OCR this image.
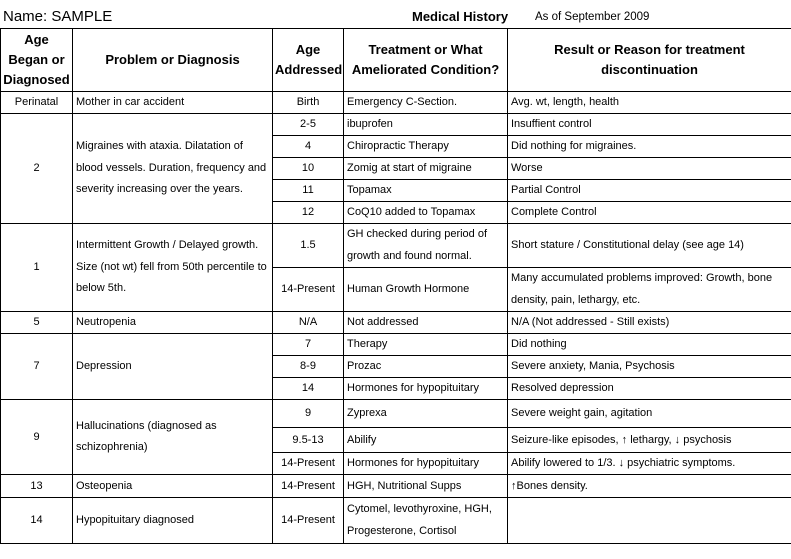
Name: SAMPLE	Medical History As of September 2009
Age Began or Diagnosed	Problem or Diagnosis	Age Addressed	Treatment or What Ameliorated Condition?	Result or Reason for treatment discontinuation
Perinatal	Mother in car accident	Birth	Emergency C-Section.	Avg. wt, length, health
2	Migraines with ataxia. Dilatation of blood vessels. Duration, frequency and severity increasing over the years.	2-5	ibuprofen	Insuffient control
		4	Chiropractic Therapy	Did nothing for migraines.
		10	Zomig at start of migraine	Worse
		11	Topamax	Partial Control
		12	CoQ10 added to Topamax	Complete Control
1	Intermittent Growth / Delayed growth. Size (not wt) fell from 50th percentile to below 5th.	1.5	GH checked during period of growth and found normal.	Short stature / Constitutional delay (see age 14)
		14-Present	Human Growth Hormone	Many accumulated problems improved: Growth, bone density, pain, lethargy, etc.
5	Neutropenia	N/A	Not addressed	N/A (Not addressed - Still exists)
7	Depression	7	Therapy	Did nothing
		8-9	Prozac	Severe anxiety, Mania, Psychosis
		14	Hormones for hypopituitary	Resolved depression
9	Hallucinations (diagnosed as schizophrenia)	9	Zyprexa	Severe weight gain, agitation
		9.5-13	Abilify	Seizure-like episodes, ↑ lethargy, ↓ psychosis
		14-Present	Hormones for hypopituitary	Abilify lowered to 1/3. ↓ psychiatric symptoms.
13	Osteopenia	14-Present	HGH, Nutritional Supps	↑Bones density.
14	Hypopituitary diagnosed	14-Present	Cytomel, levothyroxine, HGH, Progesterone, Cortisol	
